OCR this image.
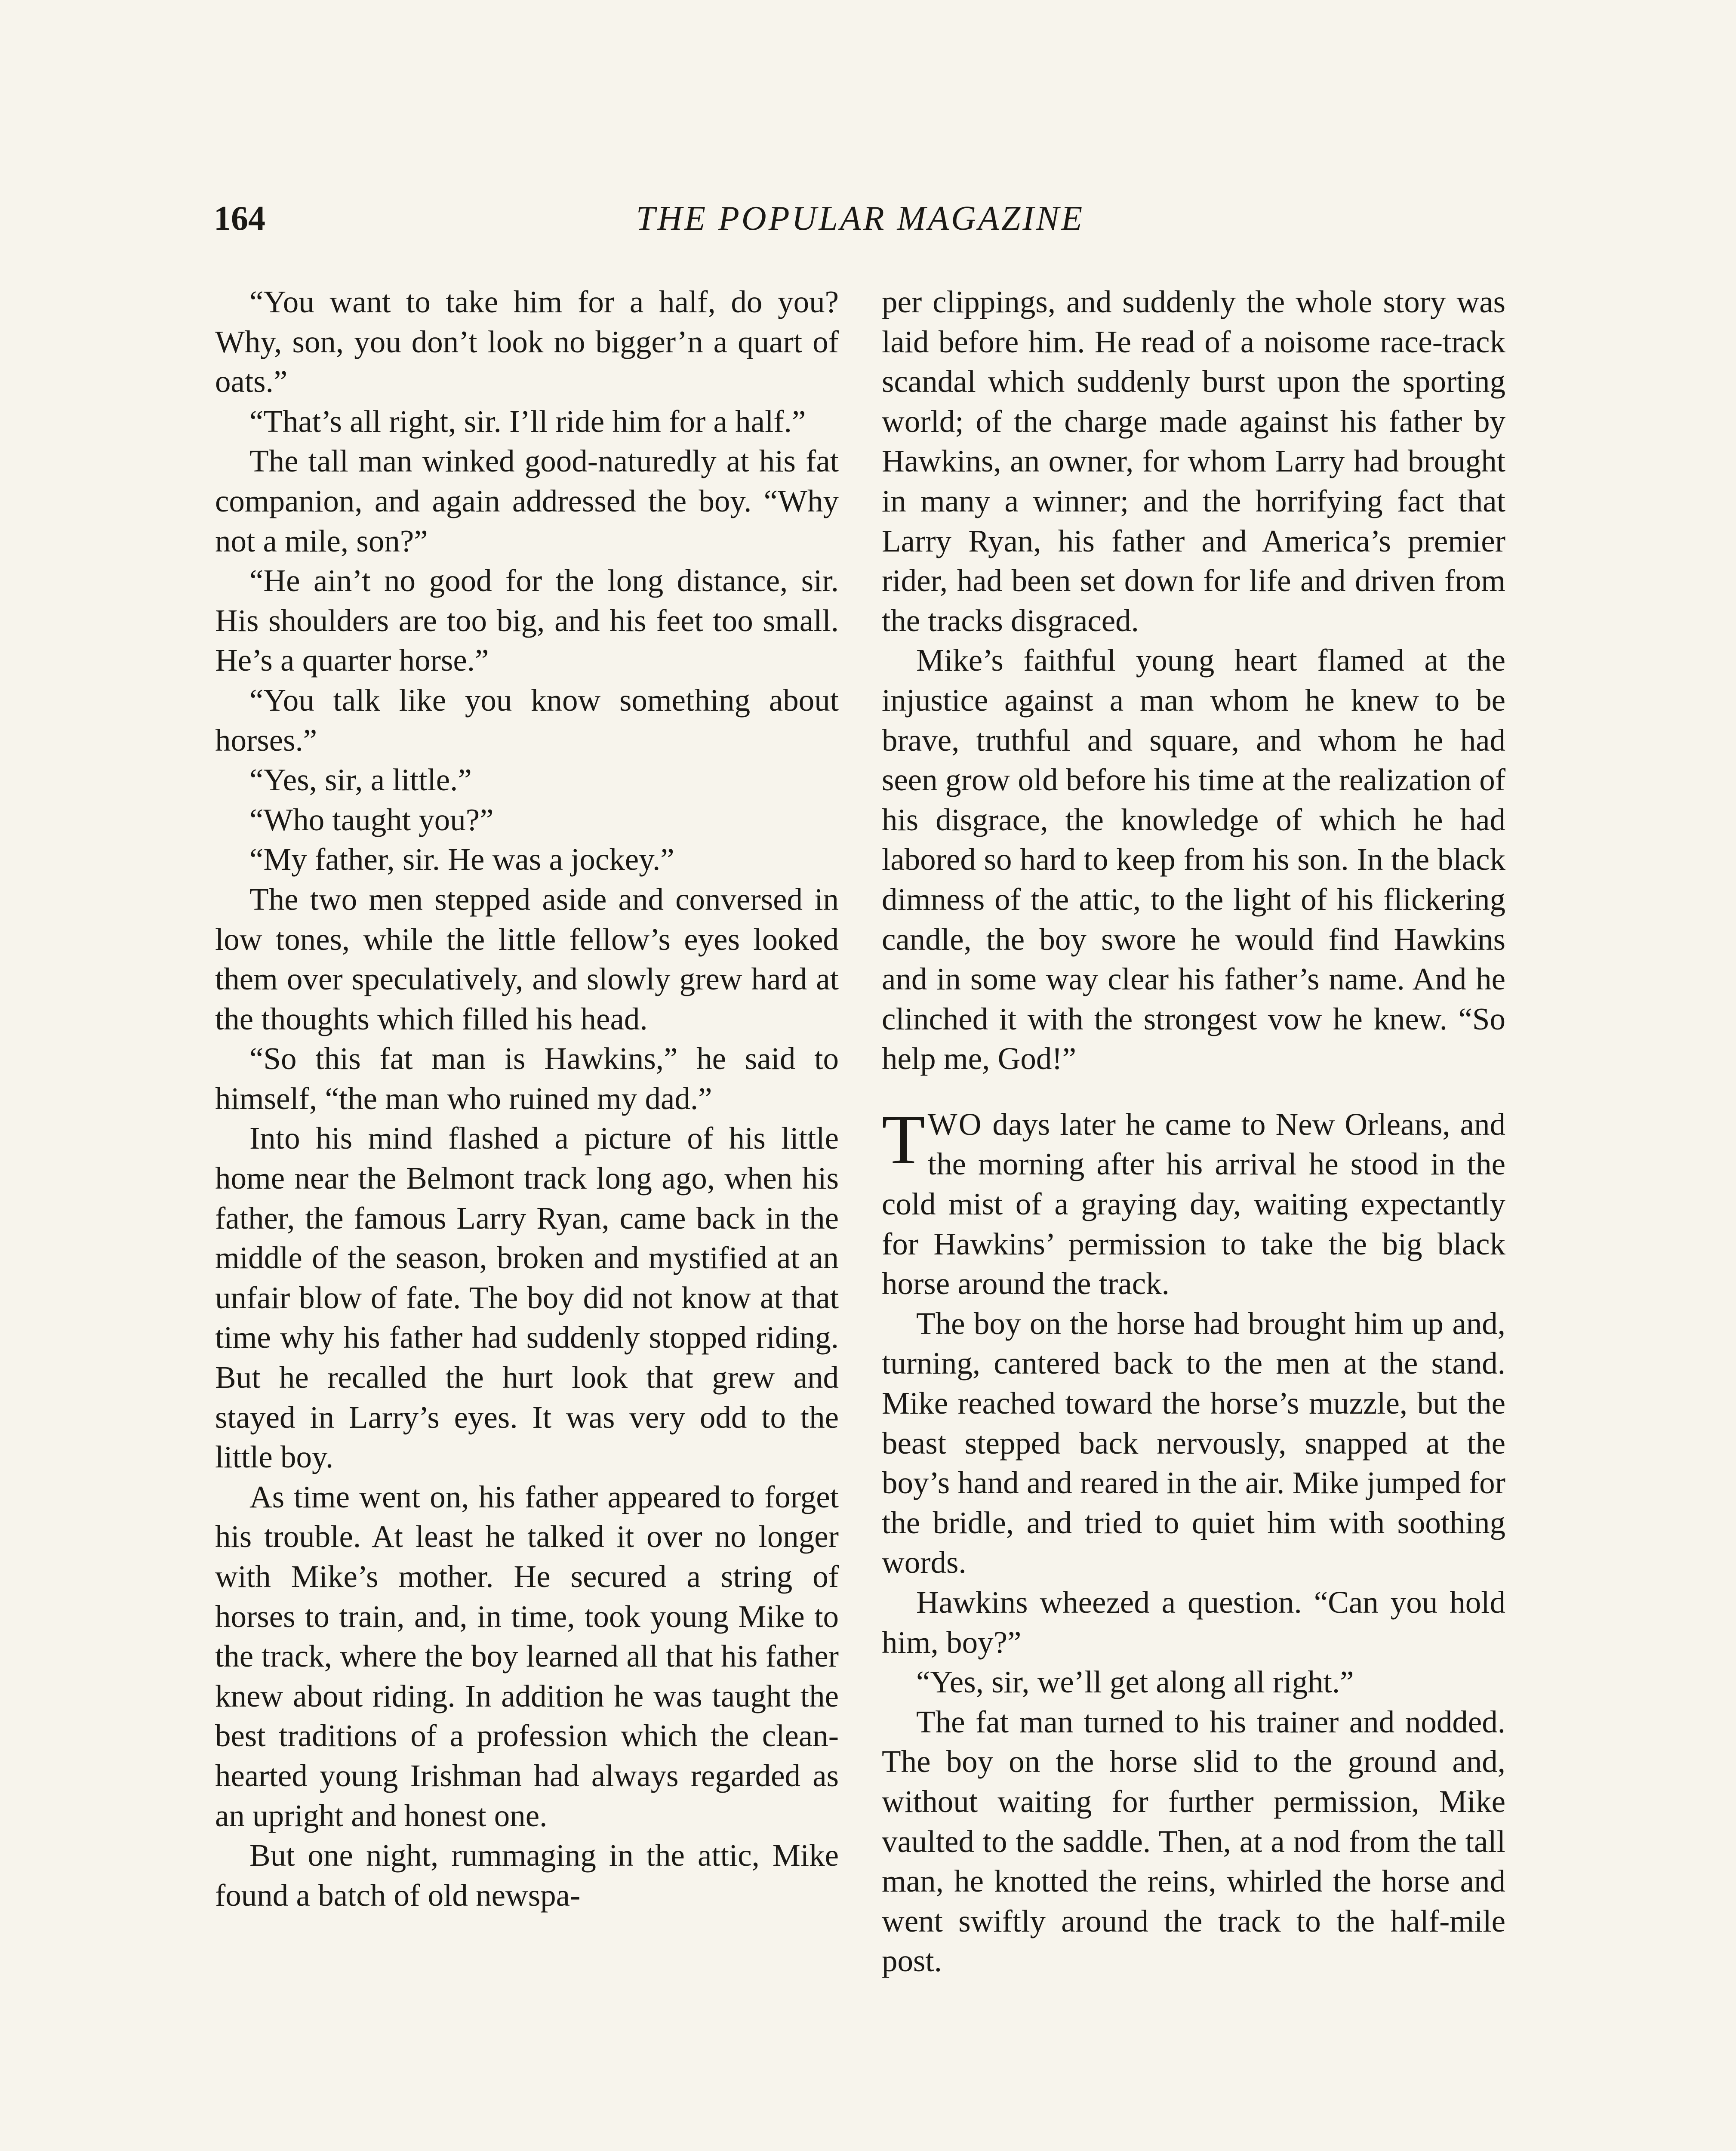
164	THE POPULAR MAGAZINE

“You want to take him for a half, do you? Why, son, you don’t look no bigger’n a quart of oats.”

“That’s all right, sir. I’ll ride him for a half.”

The tall man winked good-naturedly at his fat companion, and again addressed the boy. “Why not a mile, son?”

“He ain’t no good for the long distance, sir. His shoulders are too big, and his feet too small. He’s a quarter horse.”

“You talk like you know something about horses.”

“Yes, sir, a little.”

“Who taught you?”

“My father, sir. He was a jockey.”

The two men stepped aside and conversed in low tones, while the little fellow’s eyes looked them over speculatively, and slowly grew hard at the thoughts which filled his head.

“So this fat man is Hawkins,” he said to himself, “the man who ruined my dad.”

Into his mind flashed a picture of his little home near the Belmont track long ago, when his father, the famous Larry Ryan, came back in the middle of the season, broken and mystified at an unfair blow of fate. The boy did not know at that time why his father had suddenly stopped riding. But he recalled the hurt look that grew and stayed in Larry’s eyes. It was very odd to the little boy.

As time went on, his father appeared to forget his trouble. At least he talked it over no longer with Mike’s mother. He secured a string of horses to train, and, in time, took young Mike to the track, where the boy learned all that his father knew about riding. In addition he was taught the best traditions of a profession which the clean-hearted young Irishman had always regarded as an upright and honest one.

But one night, rummaging in the attic, Mike found a batch of old newspa-

per clippings, and suddenly the whole story was laid before him. He read of a noisome race-track scandal which suddenly burst upon the sporting world; of the charge made against his father by Hawkins, an owner, for whom Larry had brought in many a winner; and the horrifying fact that Larry Ryan, his father and America’s premier rider, had been set down for life and driven from the tracks disgraced.

Mike’s faithful young heart flamed at the injustice against a man whom he knew to be brave, truthful and square, and whom he had seen grow old before his time at the realization of his disgrace, the knowledge of which he had labored so hard to keep from his son. In the black dimness of the attic, to the light of his flickering candle, the boy swore he would find Hawkins and in some way clear his father’s name. And he clinched it with the strongest vow he knew. “So help me, God!”

TWO days later he came to New Orleans, and the morning after his arrival he stood in the cold mist of a graying day, waiting expectantly for Hawkins’ permission to take the big black horse around the track.

The boy on the horse had brought him up and, turning, cantered back to the men at the stand. Mike reached toward the horse’s muzzle, but the beast stepped back nervously, snapped at the boy’s hand and reared in the air. Mike jumped for the bridle, and tried to quiet him with soothing words.

Hawkins wheezed a question. “Can you hold him, boy?”

“Yes, sir, we’ll get along all right.”

The fat man turned to his trainer and nodded. The boy on the horse slid to the ground and, without waiting for further permission, Mike vaulted to the saddle. Then, at a nod from the tall man, he knotted the reins, whirled the horse and went swiftly around the track to the half-mile post.
